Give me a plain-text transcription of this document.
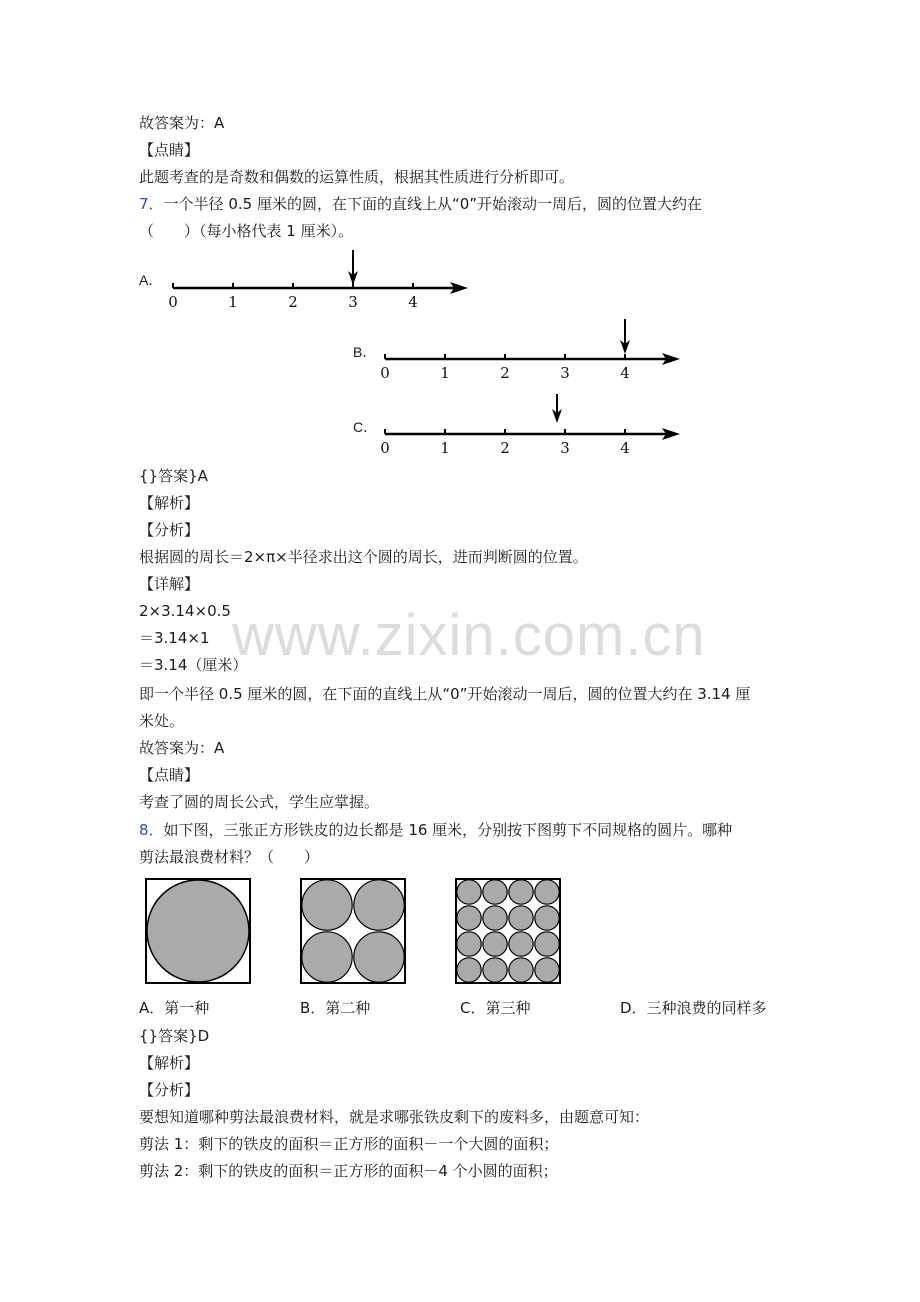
故答案为：A
【点睛】
此题考查的是奇数和偶数的运算性质，根据其性质进行分析即可。
7．一个半径 0.5 厘米的圆，在下面的直线上从“0”开始滚动一周后，圆的位置大约在
（　　）（每小格代表 1 厘米）。
A．
0	1	2	3	4
B．
0	1	2	3	4
C．
0	1	2	3	4
{}答案}A
【解析】
【分析】
根据圆的周长＝2×π×半径求出这个圆的周长，进而判断圆的位置。
【详解】
2×3.14×0.5
＝3.14×1
＝3.14（厘米）
即一个半径 0.5 厘米的圆，在下面的直线上从“0”开始滚动一周后，圆的位置大约在 3.14 厘
米处。
故答案为：A
【点睛】
考查了圆的周长公式，学生应掌握。
8．如下图，三张正方形铁皮的边长都是 16 厘米，分别按下图剪下不同规格的圆片。哪种
剪法最浪费材料？（　　）
A．第一种	B．第二种	C．第三种	D．三种浪费的同样多
{}答案}D
【解析】
【分析】
要想知道哪种剪法最浪费材料，就是求哪张铁皮剩下的废料多，由题意可知：
剪法 1：剩下的铁皮的面积＝正方形的面积－一个大圆的面积；
剪法 2：剩下的铁皮的面积＝正方形的面积－4 个小圆的面积；
www.zixin.com.cn
